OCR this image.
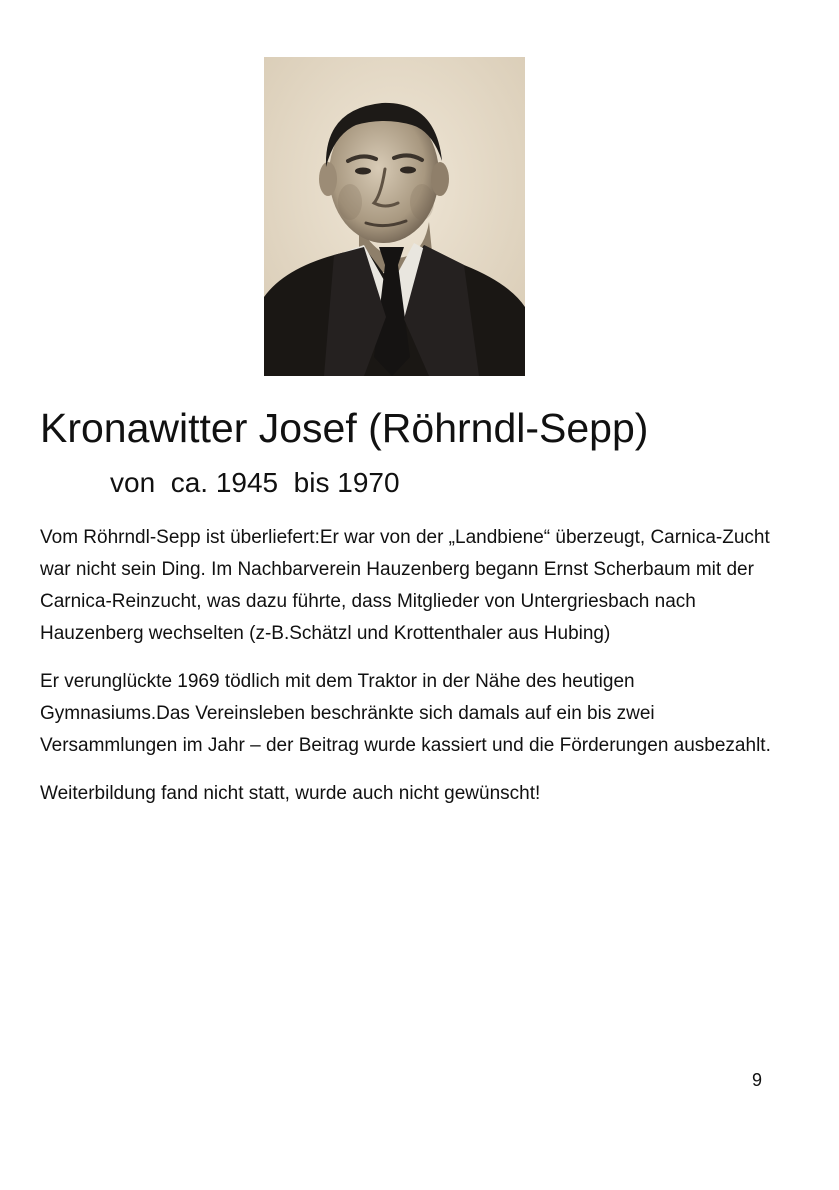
Kronawitter Josef (Röhrndl-Sepp)
von  ca. 1945  bis 1970

Vom Röhrndl-Sepp ist überliefert:Er war von der „Landbiene“ überzeugt, Carnica-Zucht war nicht sein Ding. Im Nachbarverein Hauzenberg begann Ernst Scherbaum mit der Carnica-Reinzucht, was dazu führte, dass Mitglieder von Untergriesbach nach Hauzenberg wechselten (z-B.Schätzl und Krottenthaler aus Hubing)

Er verunglückte 1969 tödlich mit dem Traktor in der Nähe des heutigen Gymnasiums.Das Vereinsleben beschränkte sich damals auf ein bis zwei Versammlungen im Jahr – der Beitrag wurde kassiert und die Förderungen ausbezahlt.

Weiterbildung fand nicht statt, wurde auch nicht gewünscht!

9
